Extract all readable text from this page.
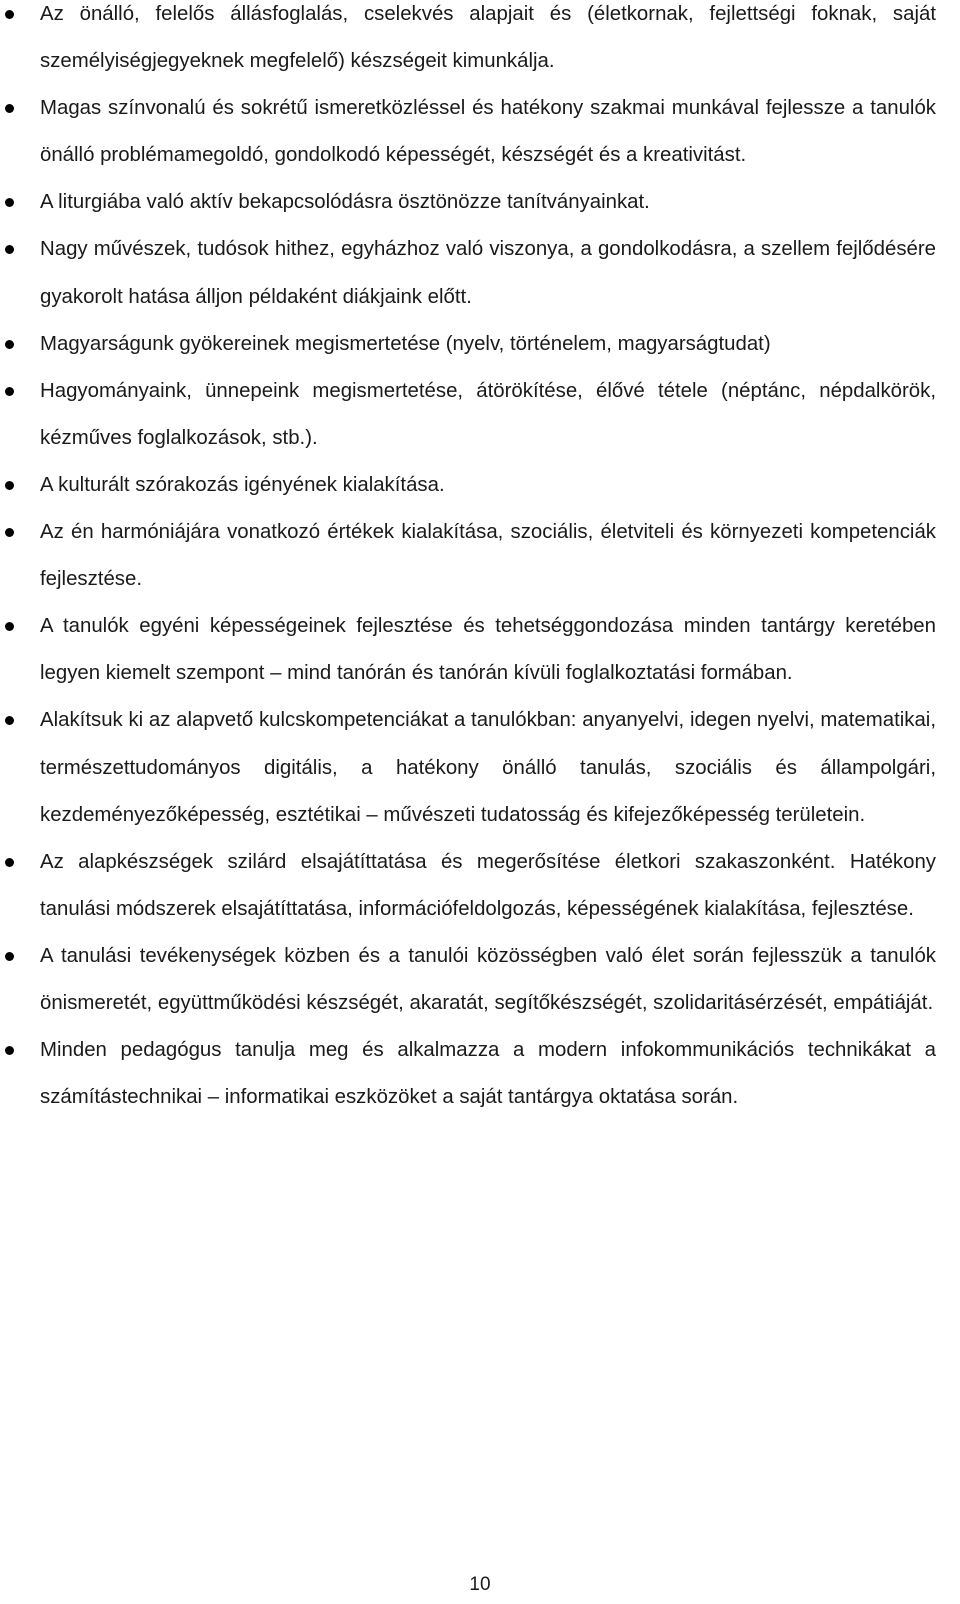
Az önálló, felelős állásfoglalás, cselekvés alapjait és (életkornak, fejlettségi foknak, saját személyiségjegyeknek megfelelő) készségeit kimunkálja.
Magas színvonalú és sokrétű ismeretközléssel és hatékony szakmai munkával fejlessze a tanulók önálló problémamegoldó, gondolkodó képességét, készségét és a kreativitást.
A liturgiába való aktív bekapcsolódásra ösztönözze tanítványainkat.
Nagy művészek, tudósok hithez, egyházhoz való viszonya, a gondolkodásra, a szellem fejlődésére gyakorolt hatása álljon példaként diákjaink előtt.
Magyarságunk gyökereinek megismertetése (nyelv, történelem, magyarságtudat)
Hagyományaink, ünnepeink megismertetése, átörökítése, élővé tétele (néptánc, népdalkörök, kézműves foglalkozások, stb.).
A kulturált szórakozás igényének kialakítása.
Az én harmóniájára vonatkozó értékek kialakítása, szociális, életviteli és környezeti kompetenciák fejlesztése.
A tanulók egyéni képességeinek fejlesztése és tehetséggondozása minden tantárgy keretében legyen kiemelt szempont – mind tanórán és tanórán kívüli foglalkoztatási formában.
Alakítsuk ki az alapvető kulcskompetenciákat a tanulókban: anyanyelvi, idegen nyelvi, matematikai, természettudományos digitális, a hatékony önálló tanulás, szociális és állampolgári, kezdeményezőképesség, esztétikai – művészeti tudatosság és kifejezőképesség területein.
Az alapkészségek szilárd elsajátíttatása és megerősítése életkori szakaszonként. Hatékony tanulási módszerek elsajátíttatása, információfeldolgozás, képességének kialakítása, fejlesztése.
A tanulási tevékenységek közben és a tanulói közösségben való élet során fejlesszük a tanulók önismeretét, együttműködési készségét, akaratát, segítőkészségét, szolidaritásérzését, empátiáját.
Minden pedagógus tanulja meg és alkalmazza a modern infokommunikációs technikákat a számítástechnikai – informatikai eszközöket a saját tantárgya oktatása során.
10
